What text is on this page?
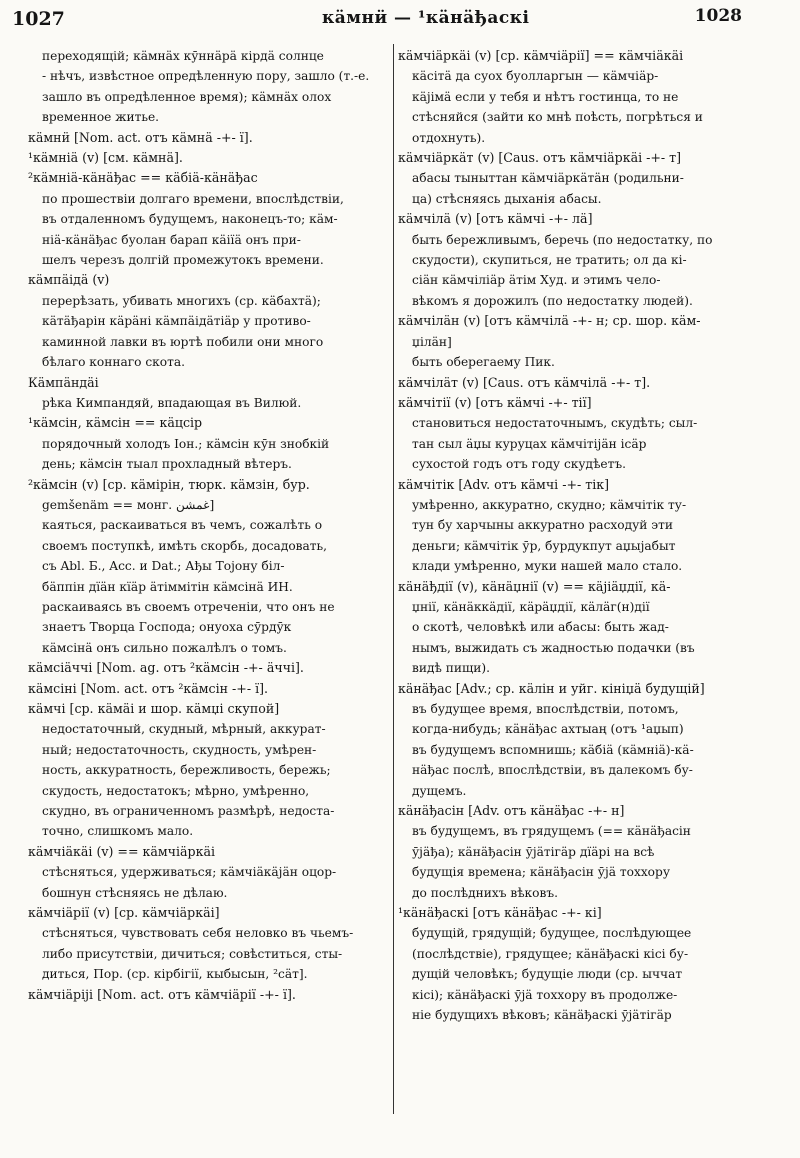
1027	кӓмнӥ — ¹кӓнӓђаскі	1028

переходящій; кӓмнӓх кӯннӓрӓ кірдӓ солнце

- нѣчъ, извѣстное опредѣленную пору, зашло (т.-е.

зашло въ опредѣленное время); кӓмнӓх олох

временное житье.

кӓмнӥ [Nom. act. отъ кӓмнӓ -+- ї].

¹кӓмніӓ (v) [см. кӓмнӓ].

²кӓмніӓ-кӓнӓђас == кӓбіӓ-кӓнӓђас

по прошествіи долгаго времени, впослѣдствіи,

въ отдаленномъ будущемъ, наконецъ-то; кӓм-

ніӓ-кӓнӓђас буолан барап кӓіїӓ онъ при-

шелъ черезъ долгій промежутокъ времени.

кӓмпӓідӓ (v)

перерѣзать, убивать многихъ (ср. кӓбахтӓ);

кӓтӓђарін кӓрӓні кӓмпӓідӓтіӓр у противо-

каминной лавки въ юртѣ побили они много

бѣлаго коннаго скота.

Кӓмпӓндӓі

рѣка Кимпандяй, впадающая въ Вилюй.

¹кӓмсін, кӓмсін == кӓцсір

порядочный холодъ Іон.; кӓмсін кӯн знобкій

день; кӓмсін тыал прохладный вѣтеръ.

²кӓмсін (v) [ср. кӓмірін, тюрк. кӓмзін, бур.

gemšenäm == монг. ﻏﻤﺸﻦ]

каяться, раскаиваться въ чемъ, сожалѣть о

своемъ поступкѣ, имѣть скорбь, досадовать,

съ Abl. Б., Acc. и Dat.; Ађы Тојону біл-

бӓппін дїӓн кїӓр ӓтіммітін кӓмсінӓ ИН.

раскаиваясь въ своемъ отреченіи, что онъ не

знаетъ Творца Господа; онуоха сӯрдӯк

кӓмсінӓ онъ сильно пожалѣлъ о томъ.

кӓмсіӓччі [Nom. ag. отъ ²кӓмсін -+- ӓччі].

кӓмсіні [Nom. act. отъ ²кӓмсін -+- ї].

кӓмчі [ср. кӓмӓі и шор. кӓмџі скупой]

недостаточный, скудный, мѣрный, аккурат-

ный; недостаточность, скудность, умѣрен-

ность, аккуратность, бережливость, бережь;

скудость, недостатокъ; мѣрно, умѣренно,

скудно, въ ограниченномъ размѣрѣ, недоста-

точно, слишкомъ мало.

кӓмчіӓкӓі (v) == кӓмчіӓркӓі

стѣсняться, удерживаться; кӓмчіӓкӓјӓн оцор-

бошнун стѣсняясь не дѣлаю.

кӓмчіӓрії (v) [ср. кӓмчіӓркӓі]

стѣсняться, чувствовать себя неловко въ чьемъ-

либо присутствіи, дичиться; совѣститься, сты-

диться, Пор. (ср. кірбігії, кыбысын, ²сӓт].

кӓмчіӓріјі [Nom. act. отъ кӓмчіӓрії -+- ї].

кӓмчіӓркӓі (v) [ср. кӓмчіӓрії] == кӓмчіӓкӓі

кӓсітӓ да суох буолларгын — кӓмчіӓр-

кӓјімӓ если у тебя и нѣтъ гостинца, то не

стѣсняйся (зайти ко мнѣ поѣсть, погрѣться и

отдохнуть).

кӓмчіӓркӓт (v) [Caus. отъ кӓмчіӓркӓі -+- т]

абасы тыныттан кӓмчіӓркӓтӓн (родильни-

ца) стѣсняясь дыханія абасы.

кӓмчілӓ (v) [отъ кӓмчі -+- лӓ]

быть бережливымъ, беречь (по недостатку, по

скудости), скупиться, не тратить; ол да кі-

сіӓн кӓмчіліӓр ӓтім Худ. и этимъ чело-

вѣкомъ я дорожилъ (по недостатку людей).

кӓмчілӓн (v) [отъ кӓмчілӓ -+- н; ср. шор. кӓм-

џілӓн]

быть оберегаему Пик.

кӓмчілӓт (v) [Caus. отъ кӓмчілӓ -+- т].

кӓмчітії (v) [отъ кӓмчі -+- тії]

становиться недостаточнымъ, скудѣть; сыл-

тан сыл ӓџы куруцах кӓмчітіјӓн ісӓр

сухостой годъ отъ году скудѣетъ.

кӓмчітік [Adv. отъ кӓмчі -+- тік]

умѣренно, аккуратно, скудно; кӓмчітік ту-

тун бу харчыны аккуратно расходуй эти

деньги; кӓмчітік ӯр, бурдукпут аџыјабыт

клади умѣренно, муки нашей мало стало.

кӓнӓђдії (v), кӓнӓџнії (v) == кӓјіӓџдії, кӓ-

џнії, кӓнӓккӓдії, кӓрӓџдії, кӓлӓг(н)дії

о скотѣ, человѣкѣ или абасы: быть жад-

нымъ, выжидать съ жадностью подачки (въ

видѣ пищи).

кӓнӓђас [Adv.; ср. кӓлін и уйг. кініџӓ будущій]

въ будущее время, впослѣдствіи, потомъ,

когда-нибудь; кӓнӓђас ахтыаң (отъ ¹аџып)

въ будущемъ вспомнишь; кӓбіӓ (кӓмніӓ)-кӓ-

нӓђас послѣ, впослѣдствіи, въ далекомъ бу-

дущемъ.

кӓнӓђасін [Adv. отъ кӓнӓђас -+- н]

въ будущемъ, въ грядущемъ (== кӓнӓђасін

ӯјӓђа); кӓнӓђасін ӯјӓтігӓр дїӓрі на всѣ

будущія времена; кӓнӓђасін ӯјӓ тоххору

до послѣднихъ вѣковъ.

¹кӓнӓђаскі [отъ кӓнӓђас -+- кі]

будущій, грядущій; будущее, послѣдующее

(послѣдствіе), грядущее; кӓнӓђаскі кісі бу-

дущій человѣкъ; будущіе люди (ср. ыччат

кісі); кӓнӓђаскі ӯјӓ тоххору въ продолже-

ніе будущихъ вѣковъ; кӓнӓђаскі ӯјӓтігӓр
